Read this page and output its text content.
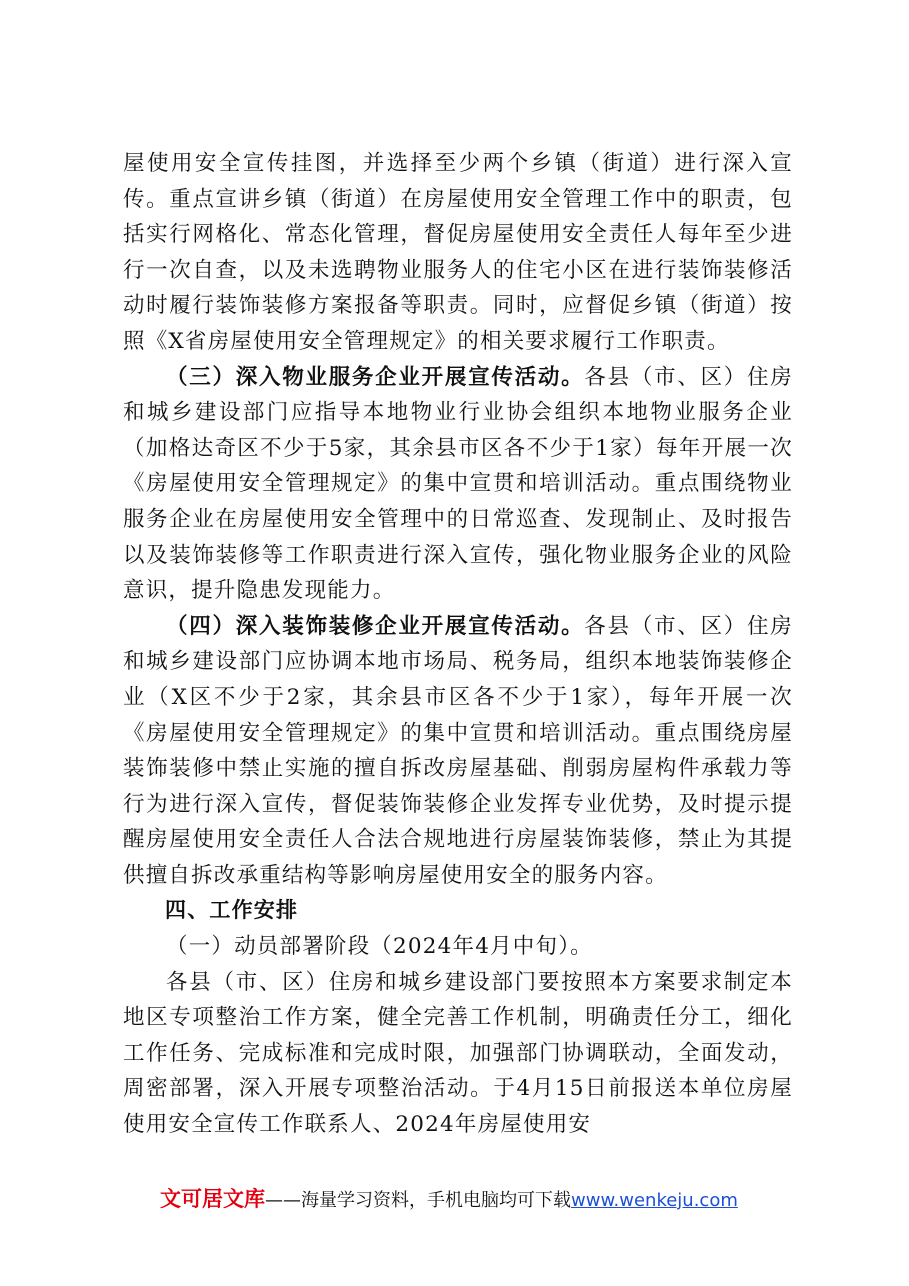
屋使用安全宣传挂图，并选择至少两个乡镇（街道）进行深入宣传。重点宣讲乡镇（街道）在房屋使用安全管理工作中的职责，包括实行网格化、常态化管理，督促房屋使用安全责任人每年至少进行一次自查，以及未选聘物业服务人的住宅小区在进行装饰装修活动时履行装饰装修方案报备等职责。同时，应督促乡镇（街道）按照《X省房屋使用安全管理规定》的相关要求履行工作职责。

（三）深入物业服务企业开展宣传活动。各县（市、区）住房和城乡建设部门应指导本地物业行业协会组织本地物业服务企业（加格达奇区不少于5家，其余县市区各不少于1家）每年开展一次《房屋使用安全管理规定》的集中宣贯和培训活动。重点围绕物业服务企业在房屋使用安全管理中的日常巡查、发现制止、及时报告以及装饰装修等工作职责进行深入宣传，强化物业服务企业的风险意识，提升隐患发现能力。

（四）深入装饰装修企业开展宣传活动。各县（市、区）住房和城乡建设部门应协调本地市场局、税务局，组织本地装饰装修企业（X区不少于2家，其余县市区各不少于1家），每年开展一次《房屋使用安全管理规定》的集中宣贯和培训活动。重点围绕房屋装饰装修中禁止实施的擅自拆改房屋基础、削弱房屋构件承载力等行为进行深入宣传，督促装饰装修企业发挥专业优势，及时提示提醒房屋使用安全责任人合法合规地进行房屋装饰装修，禁止为其提供擅自拆改承重结构等影响房屋使用安全的服务内容。

四、工作安排

（一）动员部署阶段（2024年4月中旬）。

各县（市、区）住房和城乡建设部门要按照本方案要求制定本地区专项整治工作方案，健全完善工作机制，明确责任分工，细化工作任务、完成标准和完成时限，加强部门协调联动，全面发动，周密部署，深入开展专项整治活动。于4月15日前报送本单位房屋使用安全宣传工作联系人、2024年房屋使用安

文可居文库——海量学习资料，手机电脑均可下载www.wenkeju.com
